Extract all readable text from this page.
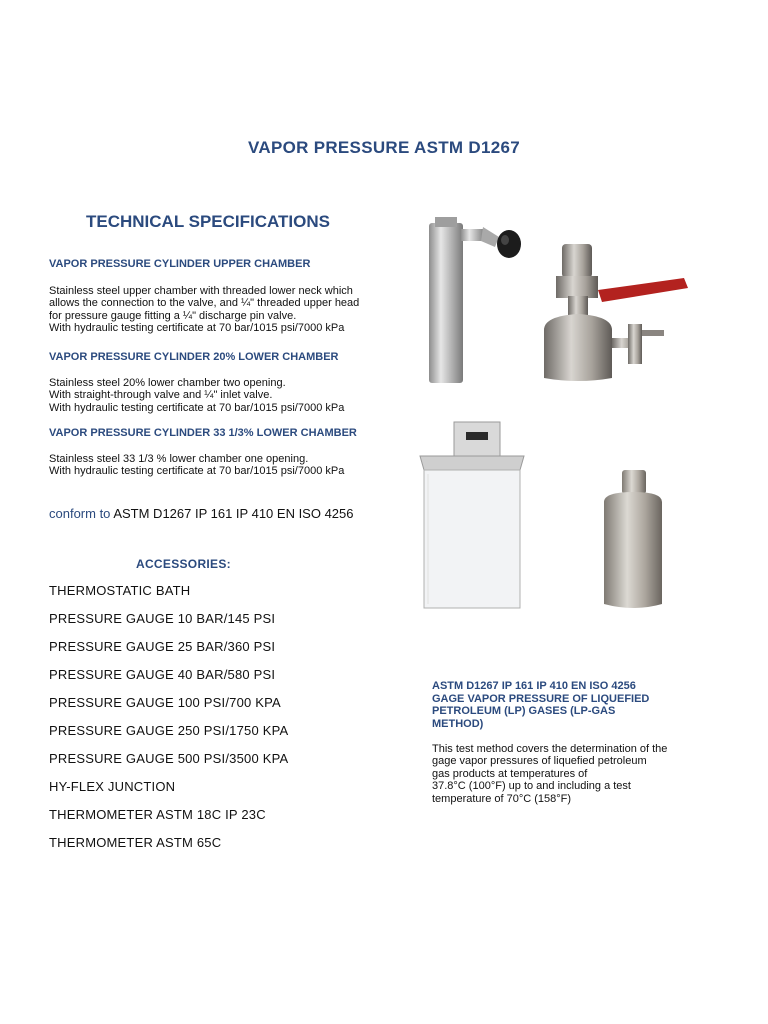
VAPOR PRESSURE ASTM D1267
TECHNICAL SPECIFICATIONS
VAPOR PRESSURE CYLINDER UPPER CHAMBER
Stainless steel upper chamber with threaded lower neck which
allows the connection to the valve, and ¼" threaded upper head
for pressure gauge fitting a ¼" discharge pin valve.
With hydraulic testing certificate at 70 bar/1015 psi/7000 kPa
VAPOR PRESSURE CYLINDER 20% LOWER CHAMBER
Stainless steel 20% lower chamber two opening.
With straight-through valve and ¼" inlet valve.
With hydraulic testing certificate at 70 bar/1015 psi/7000 kPa
VAPOR PRESSURE CYLINDER 33 1/3% LOWER CHAMBER
Stainless steel 33 1/3 % lower chamber one opening.
With hydraulic testing certificate at 70 bar/1015 psi/7000 kPa
conform to ASTM D1267 IP 161 IP 410 EN ISO 4256
ACCESSORIES:
THERMOSTATIC BATH
PRESSURE GAUGE 10 BAR/145 PSI
PRESSURE GAUGE 25 BAR/360 PSI
PRESSURE GAUGE 40 BAR/580 PSI
PRESSURE GAUGE 100 PSI/700 KPA
PRESSURE GAUGE 250 PSI/1750 KPA
PRESSURE GAUGE 500 PSI/3500 KPA
HY-FLEX JUNCTION
THERMOMETER ASTM 18C IP 23C
THERMOMETER ASTM 65C
ASTM D1267 IP 161 IP 410 EN ISO 4256
GAGE VAPOR PRESSURE OF LIQUEFIED
PETROLEUM (LP) GASES (LP-GAS
METHOD)
This test method covers the determination of the
gage vapor pressures of liquefied petroleum
gas products at temperatures of
37.8°C (100°F) up to and including a test
temperature of 70°C (158°F)
